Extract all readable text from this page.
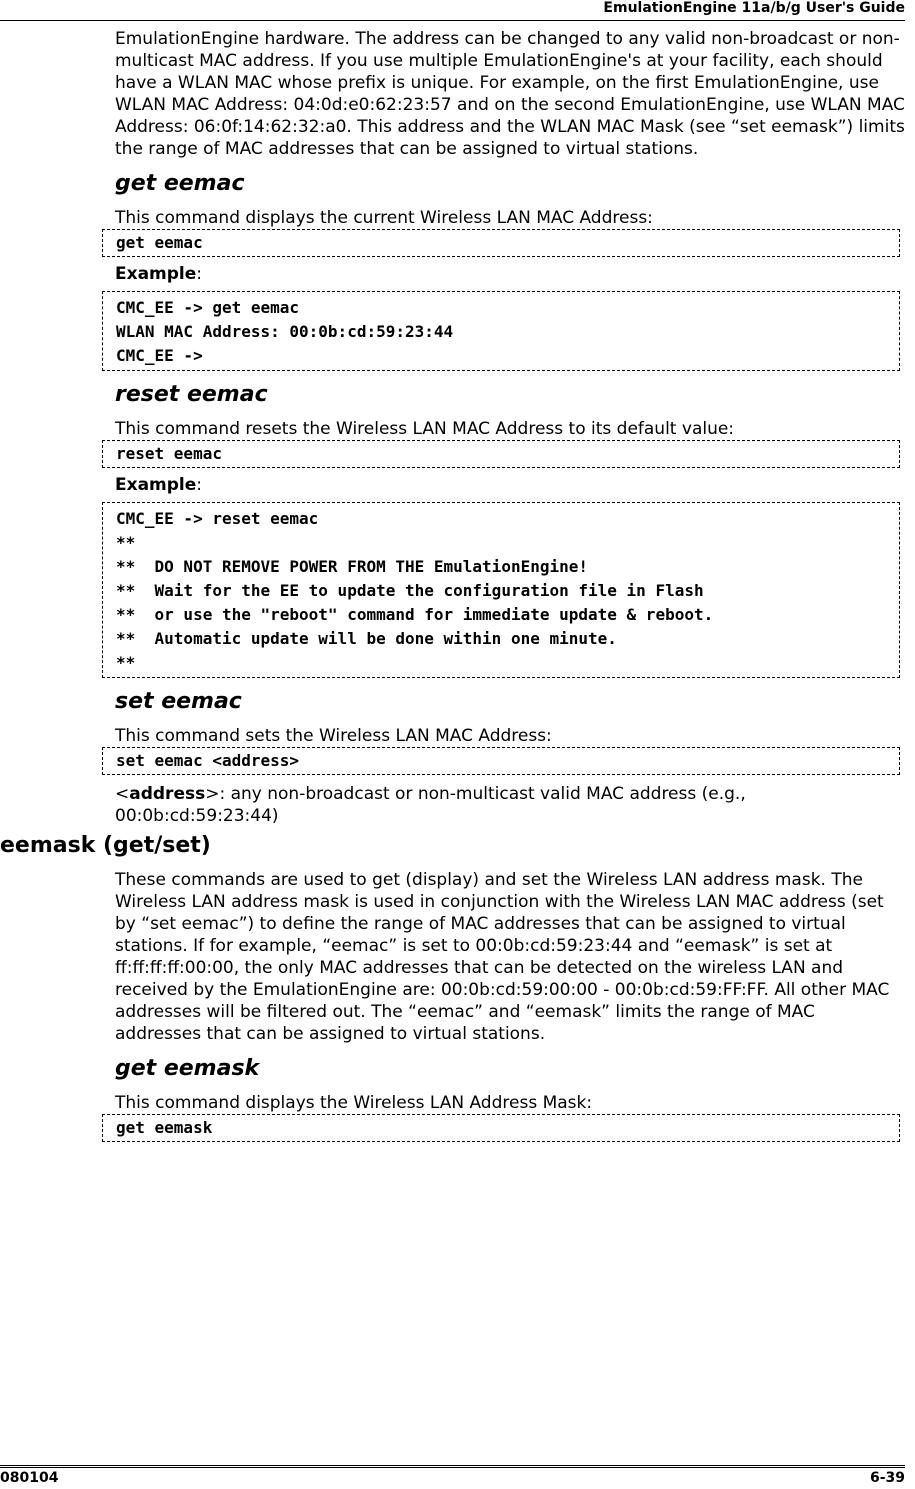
EmulationEngine 11a/b/g User's Guide

EmulationEngine hardware. The address can be changed to any valid non-broadcast or non-multicast MAC address. If you use multiple EmulationEngine's at your facility, each should have a WLAN MAC whose prefix is unique. For example, on the first EmulationEngine, use WLAN MAC Address: 04:0d:e0:62:23:57 and on the second EmulationEngine, use WLAN MAC Address: 06:0f:14:62:32:a0. This address and the WLAN MAC Mask (see “set eemask”) limits the range of MAC addresses that can be assigned to virtual stations.

get eemac

This command displays the current Wireless LAN MAC Address:

get eemac

Example:

CMC_EE -> get eemac
WLAN MAC Address: 00:0b:cd:59:23:44
CMC_EE ->
reset eemac

This command resets the Wireless LAN MAC Address to its default value:

reset eemac

Example:

CMC_EE -> reset eemac
**
**  DO NOT REMOVE POWER FROM THE EmulationEngine!
**  Wait for the EE to update the configuration file in Flash
**  or use the "reboot" command for immediate update & reboot.
**  Automatic update will be done within one minute.
**
set eemac

This command sets the Wireless LAN MAC Address:

set eemac <address>

<address>: any non-broadcast or non-multicast valid MAC address (e.g., 00:0b:cd:59:23:44)

eemask (get/set)

These commands are used to get (display) and set the Wireless LAN address mask. The Wireless LAN address mask is used in conjunction with the Wireless LAN MAC address (set by “set eemac”) to define the range of MAC addresses that can be assigned to virtual stations. If for example, “eemac” is set to 00:0b:cd:59:23:44 and “eemask” is set at ff:ff:ff:ff:00:00, the only MAC addresses that can be detected on the wireless LAN and received by the EmulationEngine are: 00:0b:cd:59:00:00 - 00:0b:cd:59:FF:FF. All other MAC addresses will be filtered out. The “eemac” and “eemask” limits the range of MAC addresses that can be assigned to virtual stations.

get eemask

This command displays the Wireless LAN Address Mask:

get eemask
080104	6-39
